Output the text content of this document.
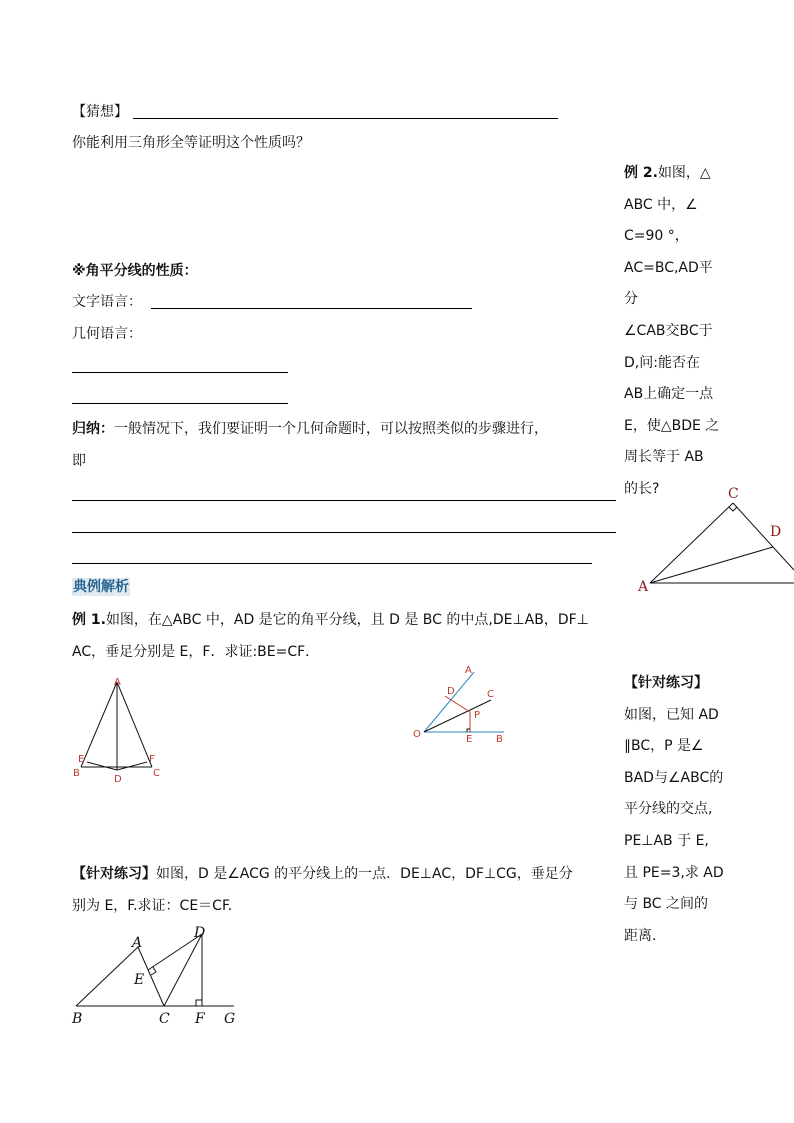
【猜想】
你能利用三角形全等证明这个性质吗？
※角平分线的性质：
文字语言：
几何语言：
归纳：一般情况下，我们要证明一个几何命题时，可以按照类似的步骤进行，
即
典例解析
例 1.如图，在△ABC 中，AD 是它的角平分线，且 D 是 BC 的中点,DE⊥AB，DF⊥
AC，垂足分别是 E，F．求证:BE=CF．
A
B	C
D
E	F
A
D	C
P
O	E B
【针对练习】如图，D 是∠ACG 的平分线上的一点．DE⊥AC，DF⊥CG，垂足分
别为 E，F.求证：CE＝CF.
A
D
E
B	C F G
例 2.如图，△
ABC 中，∠
C=90 °，
AC=BC,AD平分
∠CAB交BC于
D,问:能否在
AB上确定一点
E，使△BDE 之
周长等于 AB
的长?	C
D
A
【针对练习】
如图，已知 AD
∥BC，P 是∠
BAD与∠ABC的
平分线的交点,
PE⊥AB 于 E,
且 PE=3,求 AD
与 BC 之间的
距离.
